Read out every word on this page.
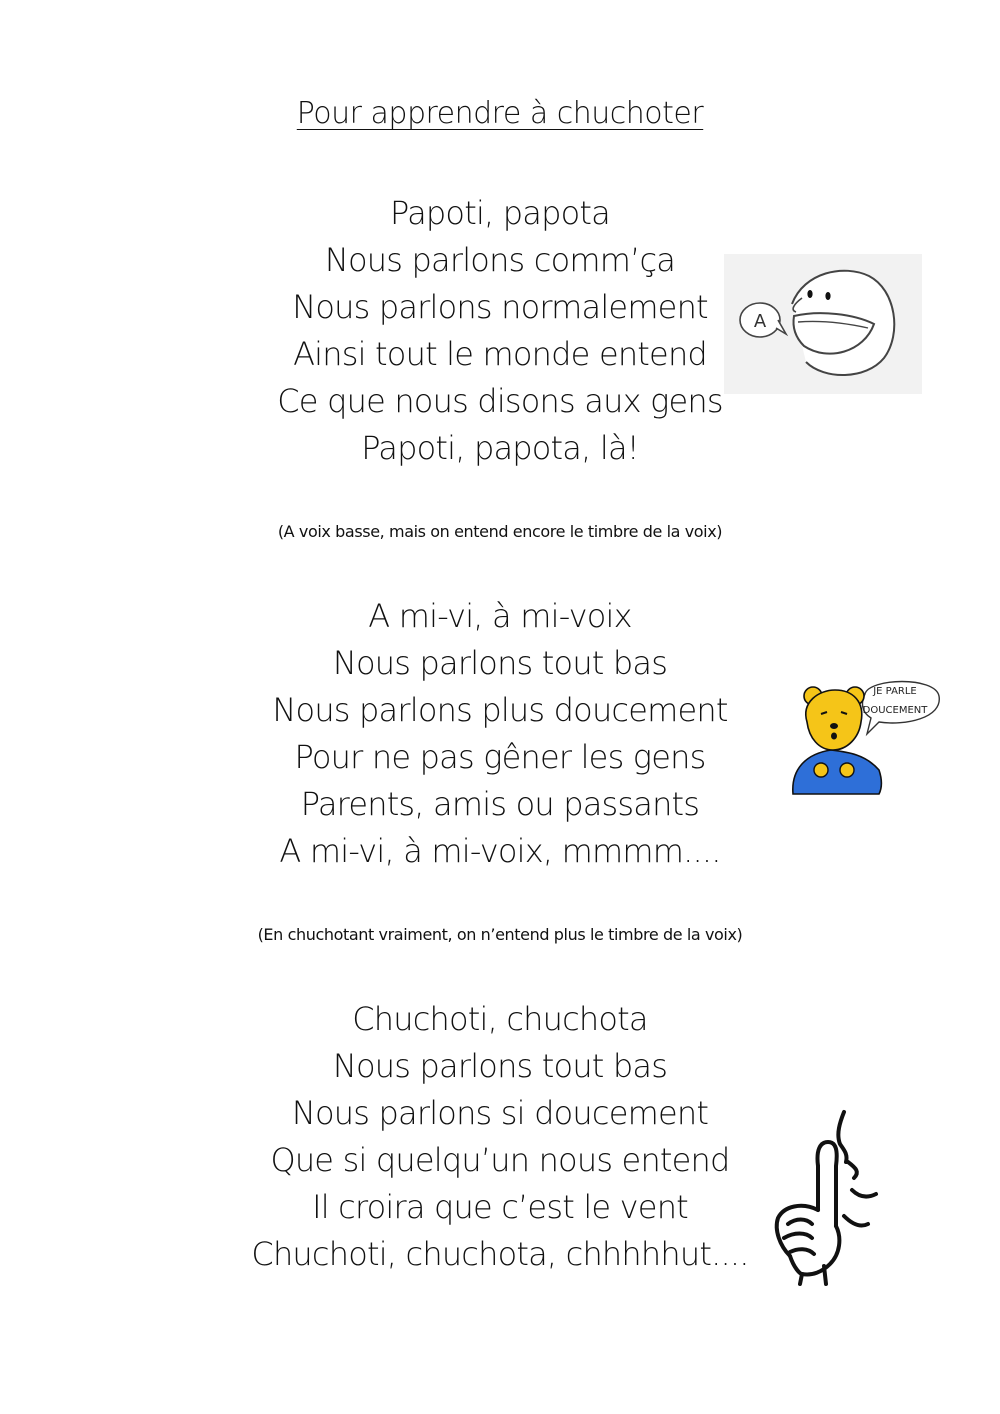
Pour apprendre à chuchoter
Papoti, papota
Nous parlons comm’ça
Nous parlons normalement
Ainsi tout le monde entend
Ce que nous disons aux gens
Papoti, papota, là!
(A voix basse, mais on entend encore le timbre de la voix)
A mi-vi, à mi-voix
Nous parlons tout bas
Nous parlons plus doucement
Pour ne pas gêner les gens
Parents, amis ou passants
A mi-vi, à mi-voix, mmmm....
(En chuchotant vraiment, on n’entend plus le timbre de la voix)
Chuchoti, chuchota
Nous parlons tout bas
Nous parlons si doucement
Que si quelqu’un nous entend
Il croira que c’est le vent
Chuchoti, chuchota, chhhhhut....
A
JE PARLE
DOUCEMENT
